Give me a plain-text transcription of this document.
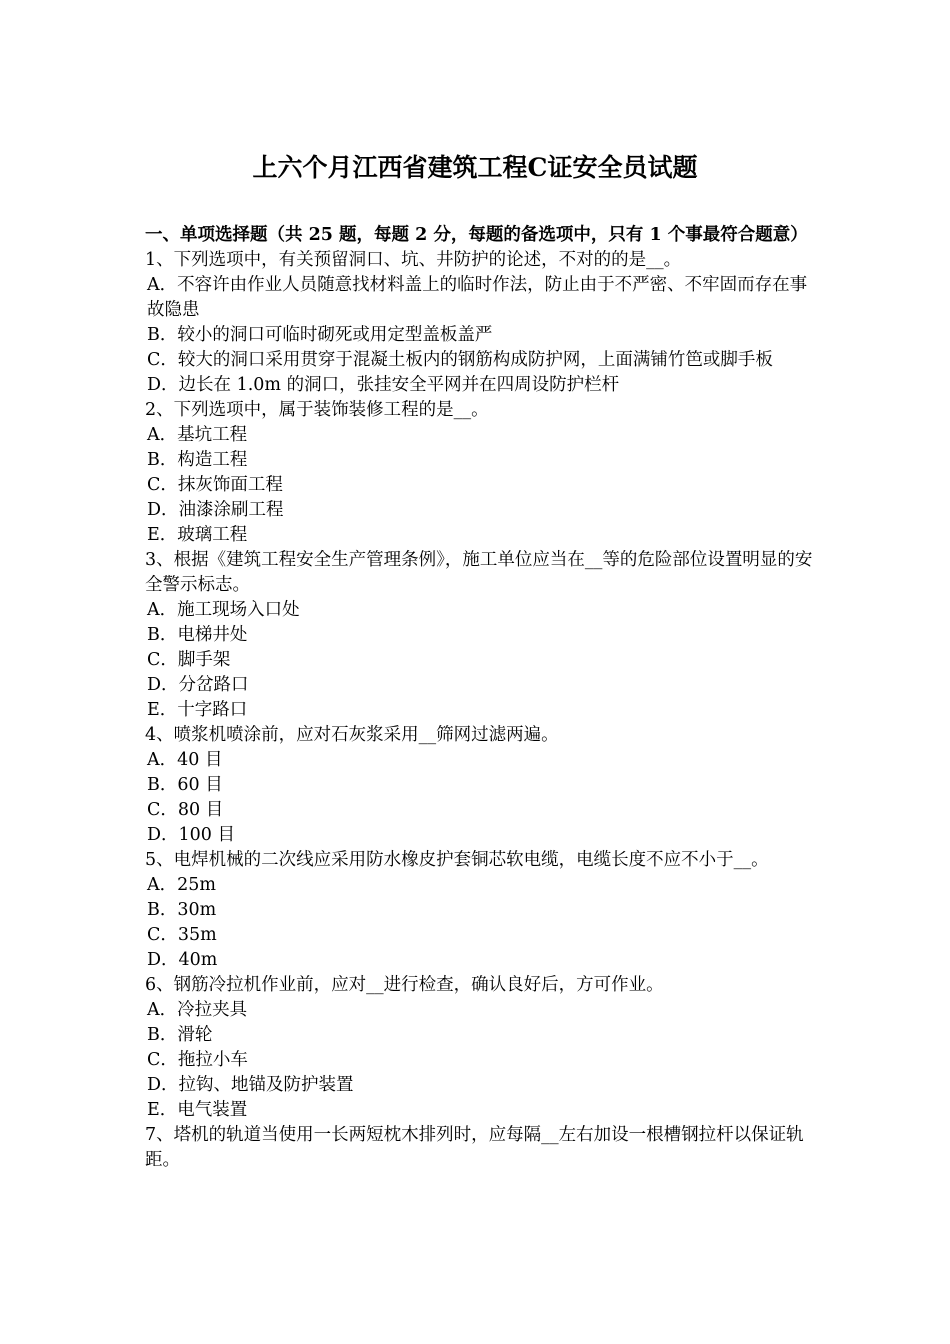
上六个月江西省建筑工程C证安全员试题
一、单项选择题（共 25 题，每题 2 分，每题的备选项中，只有 1 个事最符合题意）
1、下列选项中，有关预留洞口、坑、井防护的论述，不对的的是__。
A．不容许由作业人员随意找材料盖上的临时作法，防止由于不严密、不牢固而存在事故隐患
B．较小的洞口可临时砌死或用定型盖板盖严
C．较大的洞口采用贯穿于混凝土板内的钢筋构成防护网，上面满铺竹笆或脚手板
D．边长在 1.0m 的洞口，张挂安全平网并在四周设防护栏杆
2、下列选项中，属于装饰装修工程的是__。
A．基坑工程
B．构造工程
C．抹灰饰面工程
D．油漆涂刷工程
E．玻璃工程
3、根据《建筑工程安全生产管理条例》，施工单位应当在__等的危险部位设置明显的安全警示标志。
A．施工现场入口处
B．电梯井处
C．脚手架
D．分岔路口
E．十字路口
4、喷浆机喷涂前，应对石灰浆采用__筛网过滤两遍。
A．40 目
B．60 目
C．80 目
D．100 目
5、电焊机械的二次线应采用防水橡皮护套铜芯软电缆，电缆长度不应不小于__。
A．25m
B．30m
C．35m
D．40m
6、钢筋冷拉机作业前，应对__进行检查，确认良好后，方可作业。
A．冷拉夹具
B．滑轮
C．拖拉小车
D．拉钩、地锚及防护装置
E．电气装置
7、塔机的轨道当使用一长两短枕木排列时，应每隔__左右加设一根槽钢拉杆以保证轨距。
